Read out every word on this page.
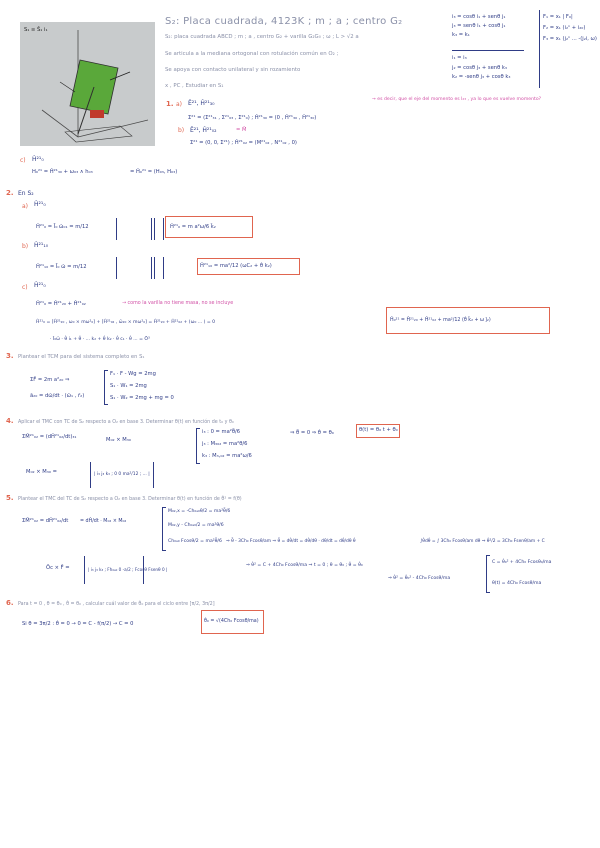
S₁ ≡ Ŝ₁ i₁
S₂: Placa cuadrada, 4123K ; m ; a ; centro G₂
S₂: placa cuadrada ABCD ; m ; a , centro G₂ + varilla G₂G₀ ; ω ; L > √2 a
Se articula a la mediana ortogonal con rotulación común en O₂ ;
Se apoya con contacto unilateral y sin rozamiento
x , PC , Estudiar en S₁
i₃ = cosθ i₁ + senθ j₁
j₃ = senθ i₁ + cosθ j₁
k₃ = k₁
i₁ = i₃
j₂ = cosθ j₃ + senθ k₃
k₂ = -senθ j₃ + cosθ k₃
F₁ = x₁ | F₀|
F₂ = x₁ (i₂ⁿ + i₂₀)
F₃ = x₁ (j₂ⁿ ... -(j₂i, ω)
→ es decir, que el eje del momento es l₂₃ , ya lo que es vuelve momento?
1. a) Ě²¹, Ȟ²¹₃₀
Σ²¹ = (Σ²¹₃₁ , Σ²¹₀₃ , Σ²¹₀) ; Ȟ²¹₃₀ = (0 , Ĥ²¹₃₀ , Ĥ²¹₃₀)
b) Ĕ²¹, Ȟ²¹₀₂	= M̄
Σ²¹ = (0, 0, Σ²¹) ; Ȟ²¹₀₂ = (M²¹₀₂ , N²¹₀₂ , 0)
c) Ȟ²¹₀
H₀²¹ = Ĥ²¹₃₀ + ω₀₃ ∧ h₀₃	= Ĥ₀²¹ = (H₀₃, H₀₃)
2. En S₂
a) Ȟ²¹₀
Ĥ²¹₀ = Ī₀ ω̄₀₁ = m/12	Ĥ²¹₀ = m a²ω/6 k̄₂
b) Ĥ²¹₁₀
Ĥ²¹₁₀ = Ī₀ ω̄ = m/12	Ĥ²¹₁₀ = ma²/12 (ωC₂ + θ̇ k₂)
c) Ĥ²¹₀
Ĥ²¹₀ = Ĥ²¹₂₀ + Ĥ²¹₀₂	→ como la varilla no tiene masa, no se incluye
Ĥ²¹₀ = [Ĥ²¹₂₀ , ω₀ × mω²₀] + [Ĥ²¹₀₂ , ω̄₂₀ × mω²₀] = Ĥ²¹₂₀ + Ĥ²¹₀₂ + (ω₀ ... ) = 0	Ĥ₀²¹ = Ĥ²¹₂₀ + Ĥ²¹₀₂ + ma²/12 (θ̇ k̄₂ + ω j̄₂)
· Ī₀ω̄ · θ̇ i₁ + θ̇ · ... k₂ + θ̇ k₂ · θ̇ c₁ · θ̇ ... = Ō³
3. Plantear el TCM para del sistema completo en S₁
ΣF̄ = 2m a²₂₀ ⇒
ā₂₀ = dω̄/dt · (ω̄₁ , r̄₂)
F₁ · F - Wg = 2mg
S₁ · W₁ = 2mg
S₁ · W₂ = 2mg + mg = 0
4. Aplicar el TMC con TC de S₂ respecto a O₂ en base 3. Determinar θ(t) en función de t₀ y θ₀
ΣM̄²¹₀₂ = (dĤ²¹₀₂/dt)₃₁	M₀₂ × M₃₀
i₃ : 0 = ma²θ̈/6
j₃ : M₃₀₂ = ma²θ/6
k₃ : M₃,₀₂ = ma²ω/6
⇒ θ̈ = 0 ⇒ θ̇ = θ₀	θ(t) = θ₀ t + θ₀
M₀₂ × M₃₀ =	| i₃ j₃ k₃ ; 0 0 ma²/12 ; ... |
5. Plantear el TMC del TC de S₂ respecto a O₂ en base 3. Determinar θ(t) en función de θ̇² = f(θ)
ΣM̄²¹₀₂ = dĤ²¹₀₂/dt = dĤ/dt · M₀₂ × M₀₂
M₀₂,x = -Ch₀ₐ₀θ/2 = ma²θ̈/6
M₀₂,y - Ch₀ₐ₀/2 = ma²θ/6
Ch₀ₐ₀ Fcosθ/2 = ma²θ̈/6 ⇒ θ̈ - 3Ch₀ Fcosθ/am ⇒ θ̈ = dθ̇/dt = dθ̇/dθ · dθ/dt = dθ̇/dθ θ̇	∫θ̇dθ̇ = ∫ 3Ch₀ Fcosθ/am dθ ⇒ θ̇²/2 = 3Ch₀ Fsenθ/am + C
Ōc × F̄ =	| i₃ j₃ k₃ ; Fh₀ₐ₀ 0 -a/2 ; Fcosθ Fsenθ 0 |
⇒ θ̇² = C + 4Ch₀ Fcosθ/ma ⇒ t = 0 ; θ = θ₀ ; θ̇ = θ̇₀
⇒ θ̇² = θ̇₀² - 4Ch₀ Fcosθ/ma
C = θ̇₀² + 4Ch₀ Fcosθ₀/ma
θ(t) = 4Ch₀ Fcosθ/ma
6. Para t = 0 , θ = θ₀ , θ̇ = θ₀ , calcular cuál valor de θ̇₀ para el ciclo entre [π/2, 3π/2]
Si θ = 3π/2 : θ̇ = 0 → 0 = C - f(π/2) → C = 0	θ̇₀ = √(4Ch₀ Fcosθ/ma)
